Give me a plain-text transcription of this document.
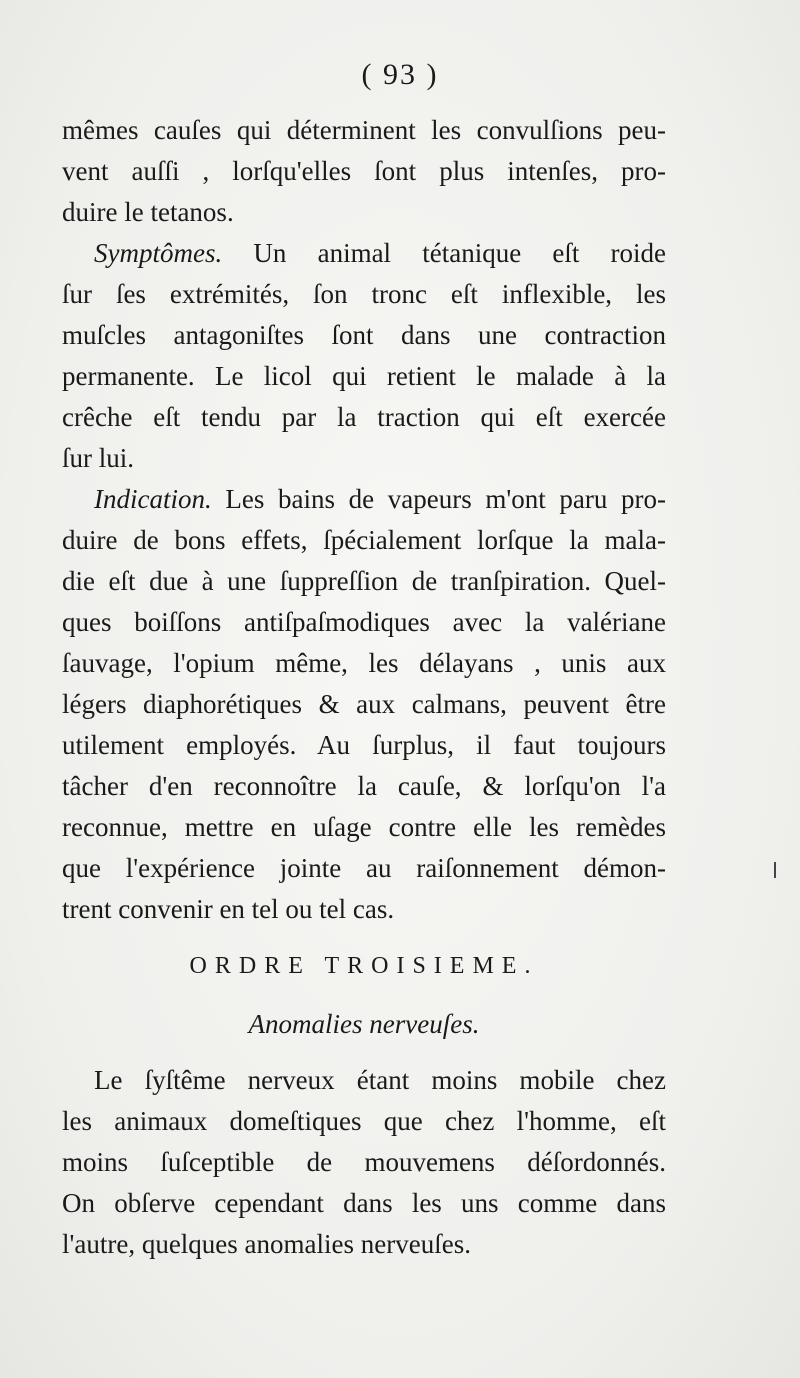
( 93 )
mêmes cauſes qui déterminent les convulſions peu-
vent auſſi , lorſqu'elles ſont plus intenſes, pro-
duire le tetanos.
Symptômes. Un animal tétanique eſt roide
ſur ſes extrémités, ſon tronc eſt inflexible, les
muſcles antagoniſtes ſont dans une contraction
permanente. Le licol qui retient le malade à la
crêche eſt tendu par la traction qui eſt exercée
ſur lui.
Indication. Les bains de vapeurs m'ont paru pro-
duire de bons effets, ſpécialement lorſque la mala-
die eſt due à une ſuppreſſion de tranſpiration. Quel-
ques boiſſons antiſpaſmodiques avec la valériane
ſauvage, l'opium même, les délayans , unis aux
légers diaphorétiques & aux calmans, peuvent être
utilement employés. Au ſurplus, il faut toujours
tâcher d'en reconnoître la cauſe, & lorſqu'on l'a
reconnue, mettre en uſage contre elle les remèdes
que l'expérience jointe au raiſonnement démon-
trent convenir en tel ou tel cas.
ORDRE TROISIEME.
Anomalies nerveuſes.
Le ſyſtême nerveux étant moins mobile chez
les animaux domeſtiques que chez l'homme, eſt
moins ſuſceptible de mouvemens déſordonnés.
On obſerve cependant dans les uns comme dans
l'autre, quelques anomalies nerveuſes.
